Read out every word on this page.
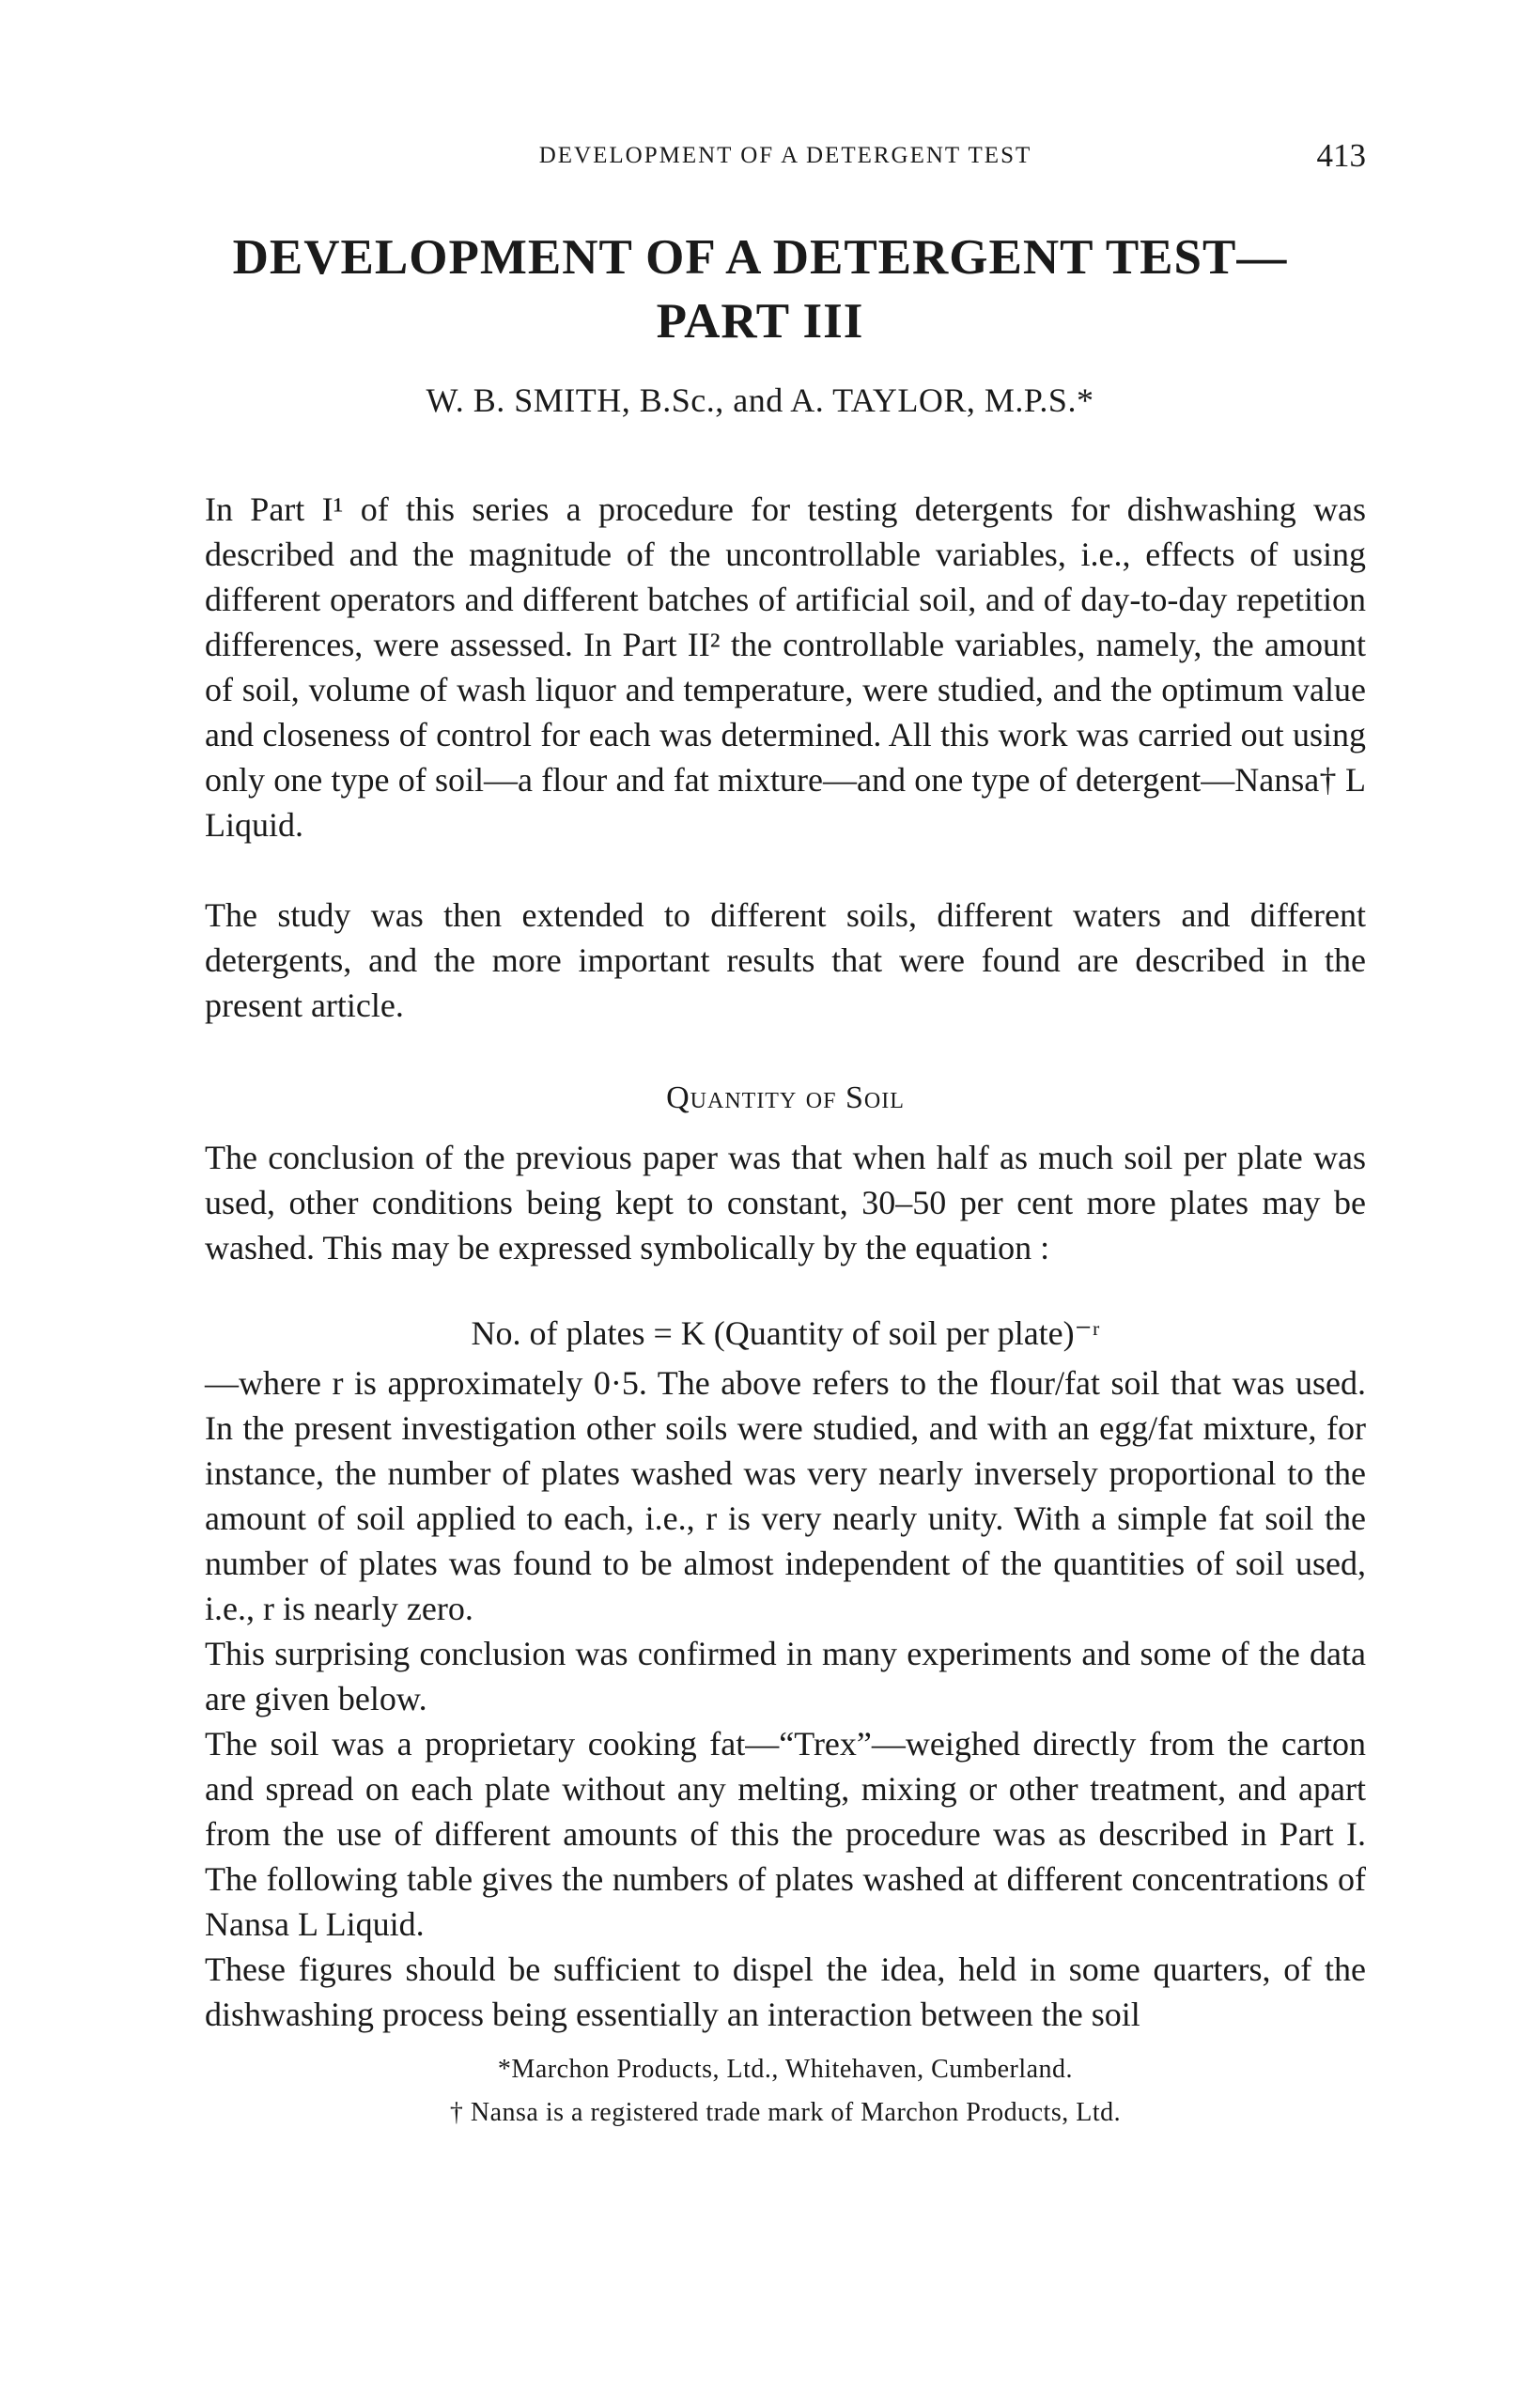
DEVELOPMENT OF A DETERGENT TEST	413
DEVELOPMENT OF A DETERGENT TEST—
PART III
W. B. SMITH, B.Sc., and A. TAYLOR, M.P.S.*

In Part I¹ of this series a procedure for testing detergents for dishwashing was described and the magnitude of the uncontrollable variables, i.e., effects of using different operators and different batches of artificial soil, and of day-to-day repetition differences, were assessed. In Part II² the controllable variables, namely, the amount of soil, volume of wash liquor and temperature, were studied, and the optimum value and closeness of control for each was determined. All this work was carried out using only one type of soil—a flour and fat mixture—and one type of detergent—Nansa† L Liquid.

The study was then extended to different soils, different waters and different detergents, and the more important results that were found are described in the present article.

Quantity of Soil

The conclusion of the previous paper was that when half as much soil per plate was used, other conditions being kept to constant, 30–50 per cent more plates may be washed. This may be expressed symbolically by the equation :

No. of plates = K (Quantity of soil per plate)⁻ʳ

—where r is approximately 0·5. The above refers to the flour/fat soil that was used. In the present investigation other soils were studied, and with an egg/fat mixture, for instance, the number of plates washed was very nearly inversely proportional to the amount of soil applied to each, i.e., r is very nearly unity. With a simple fat soil the number of plates was found to be almost independent of the quantities of soil used, i.e., r is nearly zero.

This surprising conclusion was confirmed in many experiments and some of the data are given below.

The soil was a proprietary cooking fat—“Trex”—weighed directly from the carton and spread on each plate without any melting, mixing or other treatment, and apart from the use of different amounts of this the procedure was as described in Part I. The following table gives the numbers of plates washed at different concentrations of Nansa L Liquid.

These figures should be sufficient to dispel the idea, held in some quarters, of the dishwashing process being essentially an interaction between the soil

*Marchon Products, Ltd., Whitehaven, Cumberland.
† Nansa is a registered trade mark of Marchon Products, Ltd.
